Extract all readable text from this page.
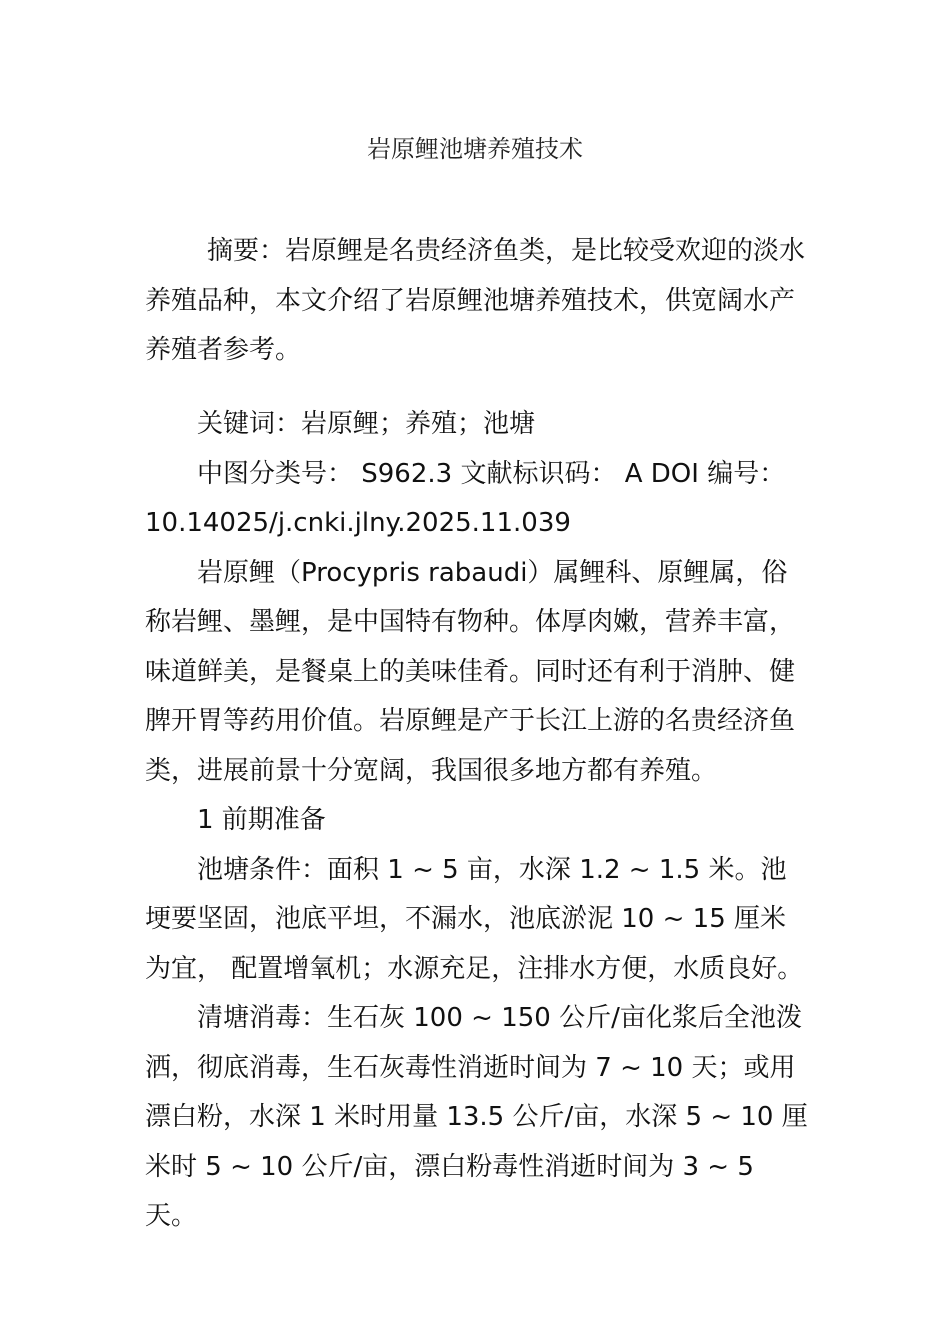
岩原鲤池塘养殖技术

摘要：岩原鲤是名贵经济鱼类，是比较受欢迎的淡水养殖品种，本文介绍了岩原鲤池塘养殖技术，供宽阔水产养殖者参考。

关键词：岩原鲤；养殖；池塘

中图分类号： S962.3 文献标识码： A DOI 编号：

10.14025/j.cnki.jlny.2025.11.039

岩原鲤（Procypris rabaudi）属鲤科、原鲤属，俗称岩鲤、墨鲤，是中国特有物种。体厚肉嫩，营养丰富，味道鲜美，是餐桌上的美味佳肴。同时还有利于消肿、健脾开胃等药用价值。岩原鲤是产于长江上游的名贵经济鱼类，进展前景十分宽阔，我国很多地方都有养殖。

1 前期准备

池塘条件：面积 1 ~ 5 亩，水深 1.2 ~ 1.5 米。池埂要坚固，池底平坦，不漏水，池底淤泥 10 ~ 15 厘米为宜， 配置增氧机；水源充足，注排水方便，水质良好。

清塘消毒：生石灰 100 ~ 150 公斤/亩化浆后全池泼洒，彻底消毒，生石灰毒性消逝时间为 7 ~ 10 天；或用漂白粉，水深 1 米时用量 13.5 公斤/亩，水深 5 ~ 10 厘米时 5 ~ 10 公斤/亩，漂白粉毒性消逝时间为 3 ~ 5 天。
